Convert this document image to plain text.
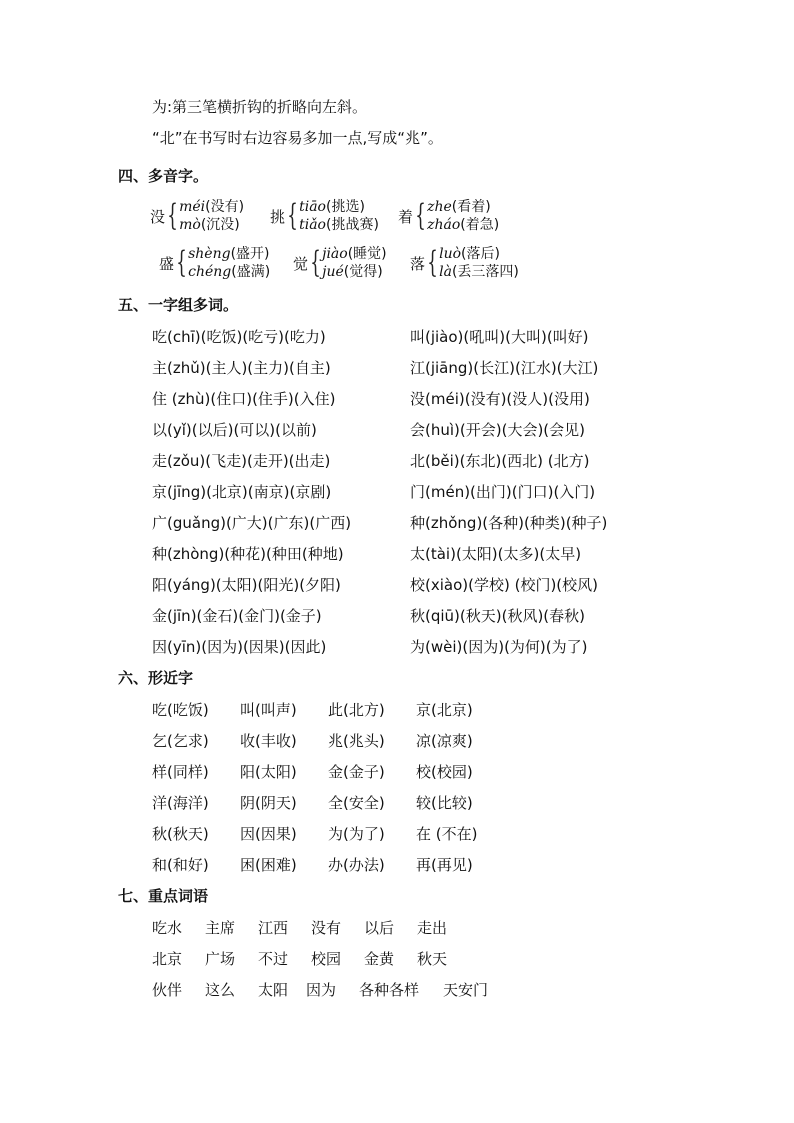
为:第三笔横折钩的折略向左斜。
“北”在书写时右边容易多加一点,写成“兆”。
四、多音字。
没 { méi(没有)
mò(沉没) 挑 { tiāo(挑选)
tiǎo(挑战赛) 着 { zhe(看着)
zháo(着急)
盛 { shèng(盛开)
chéng(盛满) 觉 { jiào(睡觉)
jué(觉得) 落 { luò(落后)
là(丢三落四)
五、一字组多词。
吃(chī)(吃饭)(吃亏)(吃力)
主(zhǔ)(主人)(主力)(自主)
住 (zhù)(住口)(住手)(入住)
以(yǐ)(以后)(可以)(以前)
走(zǒu)(飞走)(走开)(出走)
京(jīng)(北京)(南京)(京剧)
广(guǎng)(广大)(广东)(广西)
种(zhòng)(种花)(种田(种地)
阳(yáng)(太阳)(阳光)(夕阳)
金(jīn)(金石)(金门)(金子)
因(yīn)(因为)(因果)(因此)
叫(jiào)(吼叫)(大叫)(叫好)
江(jiāng)(长江)(江水)(大江)
没(méi)(没有)(没人)(没用)
会(huì)(开会)(大会)(会见)
北(běi)(东北)(西北) (北方)
门(mén)(出门)(门口)(入门)
种(zhǒng)(各种)(种类)(种子)
太(tài)(太阳)(太多)(太早)
校(xiào)(学校) (校门)(校风)
秋(qiū)(秋天)(秋风)(春秋)
为(wèi)(因为)(为何)(为了)
六、形近字
吃(吃饭) 叫(叫声) 此(北方) 京(北京)
乞(乞求) 收(丰收) 兆(兆头) 凉(凉爽)
样(同样) 阳(太阳) 金(金子) 校(校园)
洋(海洋) 阴(阴天) 全(安全) 较(比较)
秋(秋天) 因(因果) 为(为了) 在 (不在)
和(和好) 困(困难) 办(办法) 再(再见)
七、重点词语
吃水 主席 江西 没有 以后 走出
北京 广场 不过 校园 金黄 秋天
伙伴 这么 太阳 因为 各种各样 天安门
